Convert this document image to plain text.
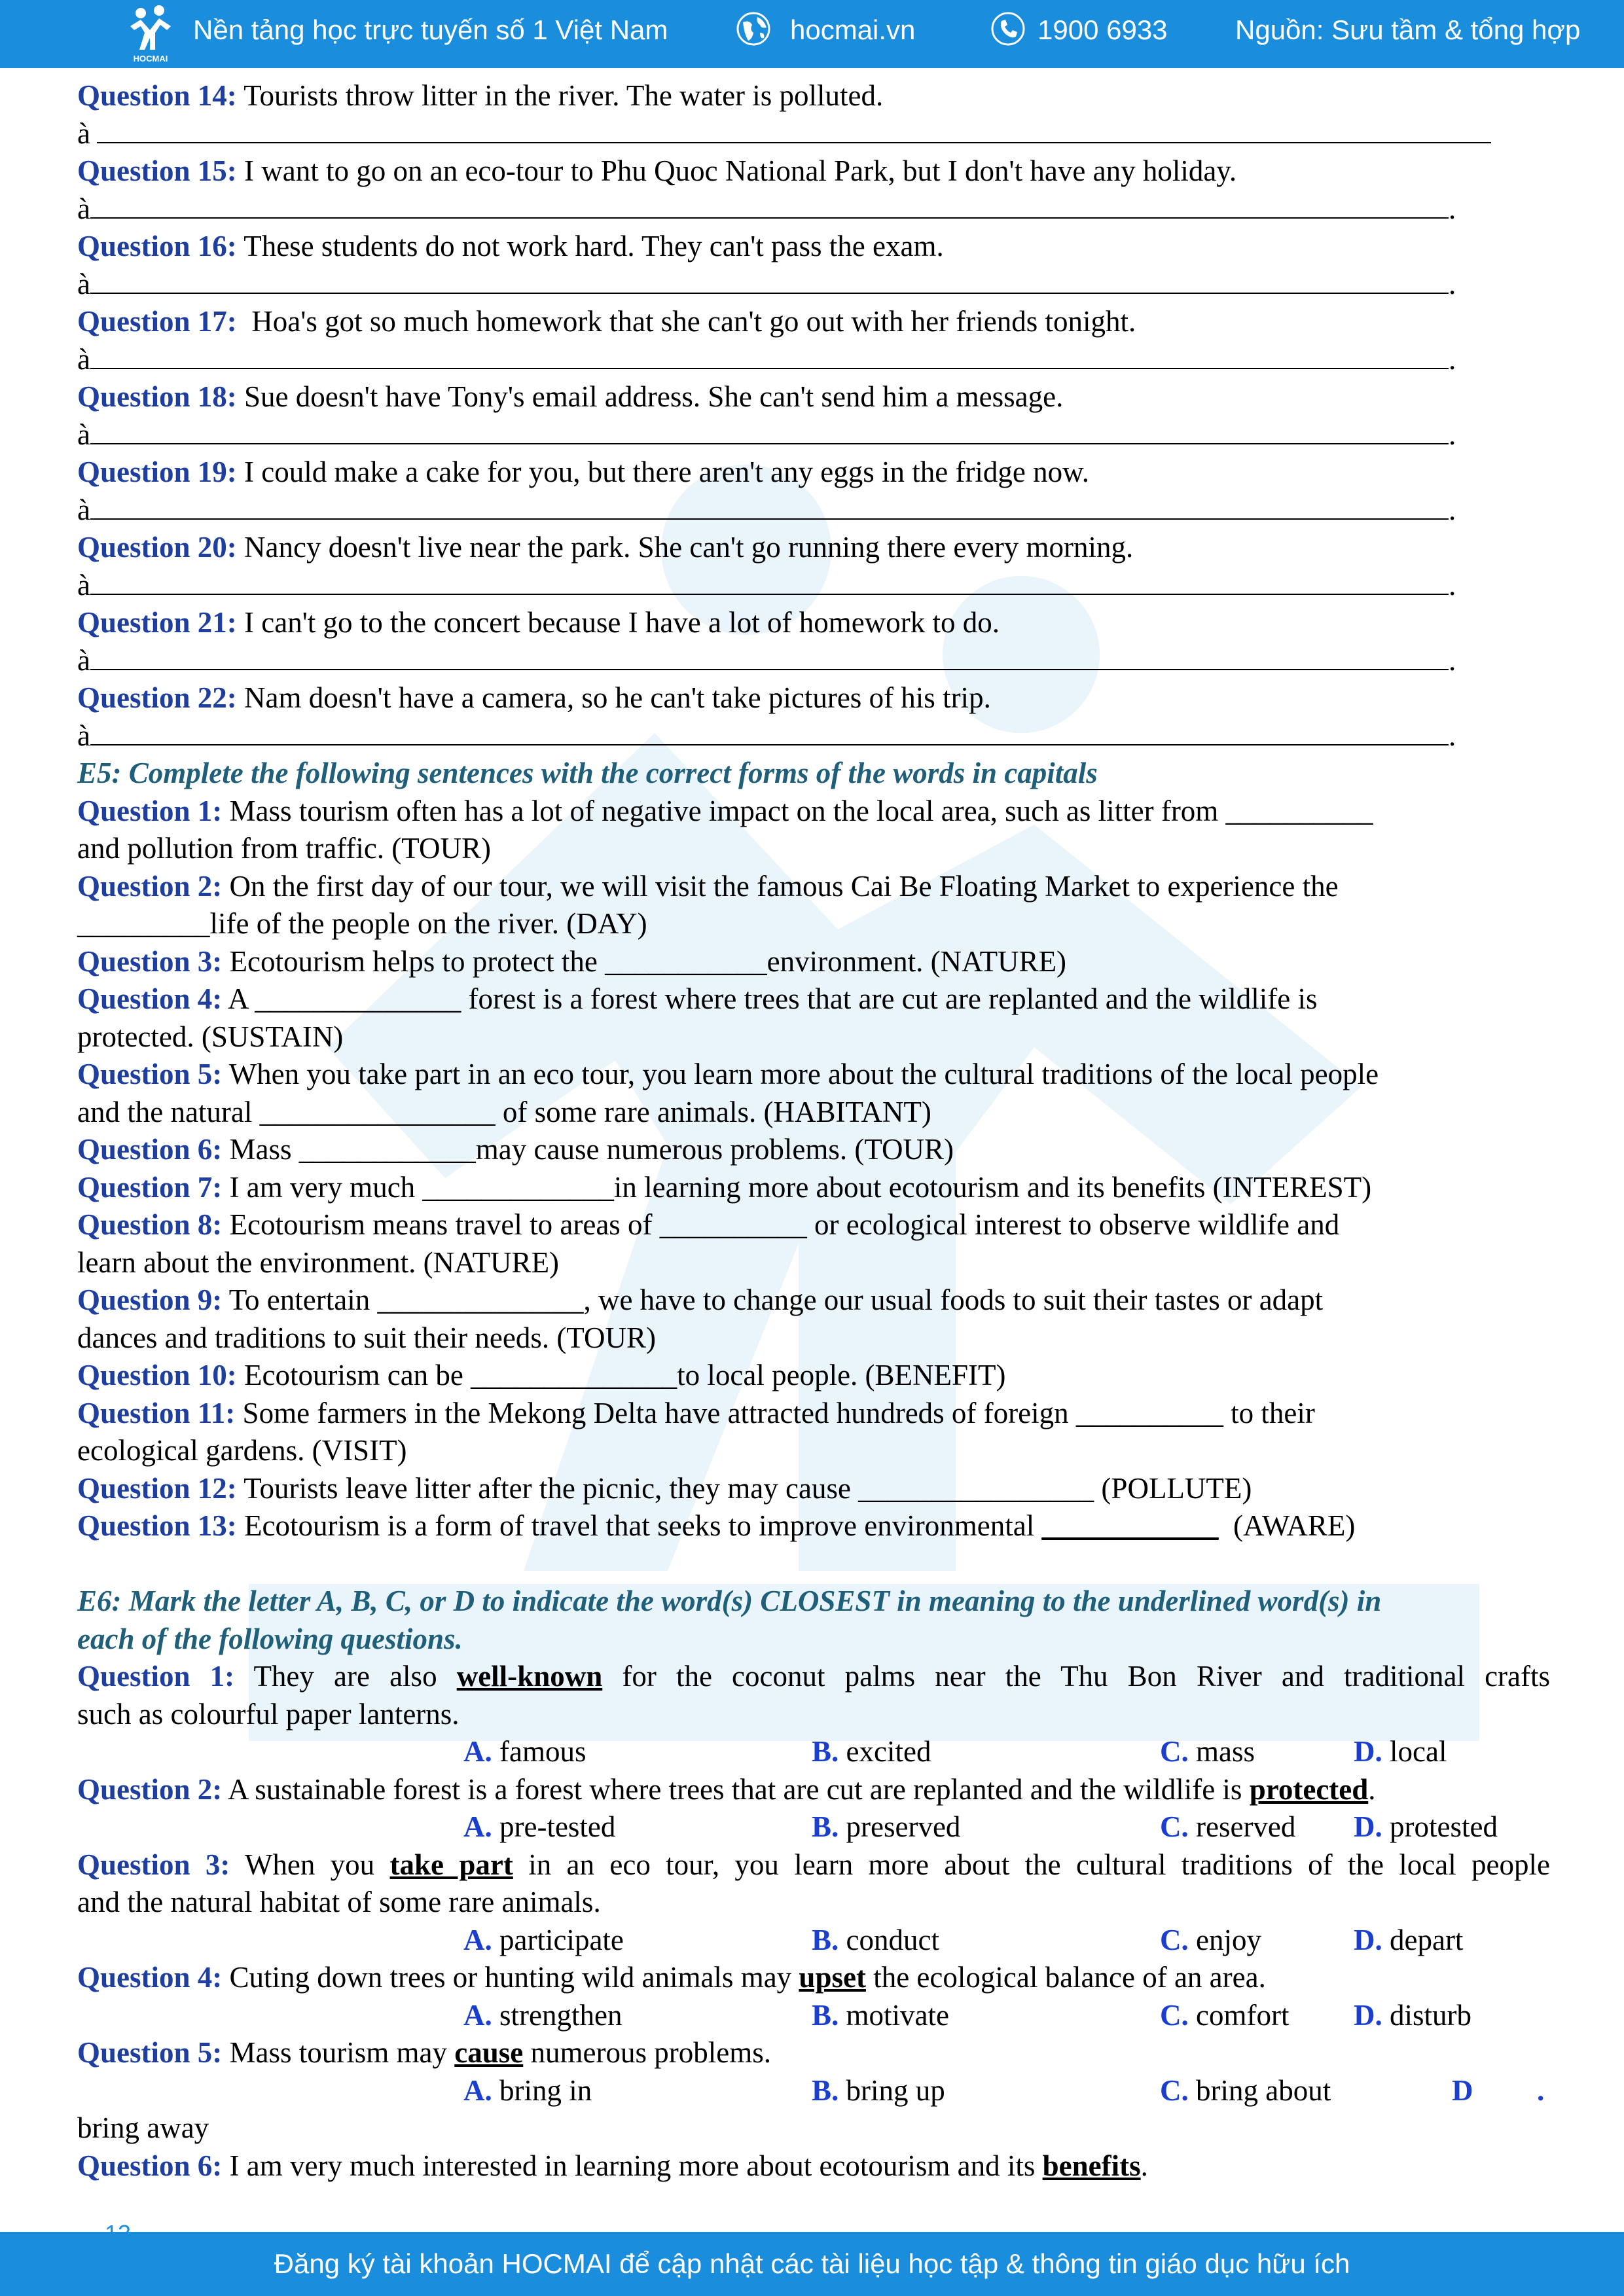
HOCMAI
Nền tảng học trực tuyến số 1 Việt Nam	hocmai.vn	1900 6933 Nguồn: Sưu tầm & tổng hợp
Question 14: Tourists throw litter in the river. The water is polluted.
à
Question 15: I want to go on an eco-tour to Phu Quoc National Park, but I don't have any holiday.
à	.
Question 16: These students do not work hard. They can't pass the exam.
à	.
Question 17:  Hoa's got so much homework that she can't go out with her friends tonight.
à	.
Question 18: Sue doesn't have Tony's email address. She can't send him a message.
à	.
Question 19: I could make a cake for you, but there aren't any eggs in the fridge now.
à	.
Question 20: Nancy doesn't live near the park. She can't go running there every morning.
à	.
Question 21: I can't go to the concert because I have a lot of homework to do.
à	.
Question 22: Nam doesn't have a camera, so he can't take pictures of his trip.
à	.
E5: Complete the following sentences with the correct forms of the words in capitals
Question 1: Mass tourism often has a lot of negative impact on the local area, such as litter from __________
and pollution from traffic. (TOUR)
Question 2: On the first day of our tour, we will visit the famous Cai Be Floating Market to experience the
_________life of the people on the river. (DAY)
Question 3: Ecotourism helps to protect the ___________environment. (NATURE)
Question 4: A ______________ forest is a forest where trees that are cut are replanted and the wildlife is
protected. (SUSTAIN)
Question 5: When you take part in an eco tour, you learn more about the cultural traditions of the local people
and the natural ________________ of some rare animals. (HABITANT)
Question 6: Mass ____________may cause numerous problems. (TOUR)
Question 7: I am very much _____________in learning more about ecotourism and its benefits (INTEREST)
Question 8: Ecotourism means travel to areas of __________ or ecological interest to observe wildlife and
learn about the environment. (NATURE)
Question 9: To entertain ______________, we have to change our usual foods to suit their tastes or adapt
dances and traditions to suit their needs. (TOUR)
Question 10: Ecotourism can be ______________to local people. (BENEFIT)
Question 11: Some farmers in the Mekong Delta have attracted hundreds of foreign __________ to their
ecological gardens. (VISIT)
Question 12: Tourists leave litter after the picnic, they may cause ________________ (POLLUTE)
Question 13: Ecotourism is a form of travel that seeks to improve environmental ____________  (AWARE)
E6: Mark the letter A, B, C, or D to indicate the word(s) CLOSEST in meaning to the underlined word(s) in
each of the following questions.
Question 1: They are also well-known for the coconut palms near the Thu Bon River and traditional crafts
such as colourful paper lanterns.
A. famous	B. excited	C. mass	D. local
Question 2: A sustainable forest is a forest where trees that are cut are replanted and the wildlife is protected.
A. pre-tested	B. preserved	C. reserved D. protested
Question 3: When you take part in an eco tour, you learn more about the cultural traditions of the local people
and the natural habitat of some rare animals.
A. participate	B. conduct	C. enjoy	D. depart
Question 4: Cuting down trees or hunting wild animals may upset the ecological balance of an area.
A. strengthen	B. motivate	C. comfort D. disturb
Question 5: Mass tourism may cause numerous problems.
A. bring in	B. bring up	C. bring about	D .
bring away
Question 6: I am very much interested in learning more about ecotourism and its benefits.
Đăng ký tài khoản HOCMAI để cập nhật các tài liệu học tập & thông tin giáo dục hữu ích
